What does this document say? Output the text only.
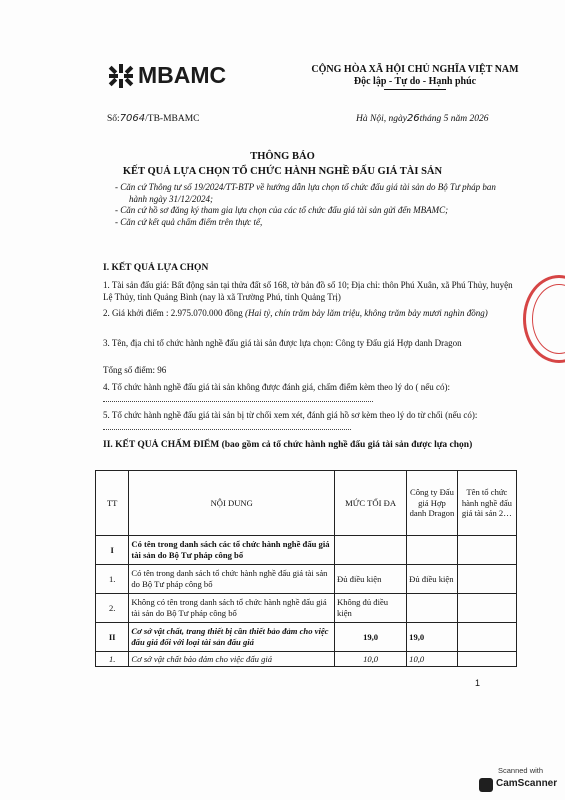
MBAMC	CỘNG HÒA XÃ HỘI CHỦ NGHĨA VIỆT NAM
Độc lập - Tự do - Hạnh phúc
Số:7064/TB-MBAMC	Hà Nội, ngày26tháng 5 năm 2026
THÔNG BÁO
KẾT QUẢ LỰA CHỌN TỔ CHỨC HÀNH NGHỀ ĐẤU GIÁ TÀI SẢN
- Căn cứ Thông tư số 19/2024/TT-BTP về hướng dẫn lựa chọn tổ chức đấu giá tài sản do Bộ Tư pháp ban hành ngày 31/12/2024;
- Căn cứ hồ sơ đăng ký tham gia lựa chọn của các tổ chức đấu giá tài sản gửi đến MBAMC;
- Căn cứ kết quả chấm điểm trên thực tế,
I. KẾT QUẢ LỰA CHỌN
1. Tài sản đấu giá: Bất động sản tại thửa đất số 168, tờ bản đồ số 10; Địa chỉ: thôn Phú Xuân, xã Phú Thủy, huyện Lệ Thủy, tỉnh Quảng Bình (nay là xã Trường Phú, tỉnh Quảng Trị)
2. Giá khởi điểm : 2.975.070.000 đồng (Hai tỷ, chín trăm bảy lăm triệu, không trăm bảy mươi nghìn đồng)
3. Tên, địa chỉ tổ chức hành nghề đấu giá tài sản được lựa chọn: Công ty Đấu giá Hợp danh Dragon
Tổng số điểm: 96
4. Tổ chức hành nghề đấu giá tài sản không được đánh giá, chấm điểm kèm theo lý do ( nếu có):
5. Tổ chức hành nghề đấu giá tài sản bị từ chối xem xét, đánh giá hồ sơ kèm theo lý do từ chối (nếu có):
II. KẾT QUẢ CHẤM ĐIỂM (bao gồm cả tổ chức hành nghề đấu giá tài sản được lựa chọn)
TT	NỘI DUNG	MỨC TỐI ĐA	Công ty Đấu giá Hợp danh Dragon	Tên tổ chức hành nghề đấu giá tài sản 2…
I	Có tên trong danh sách các tổ chức hành nghề đấu giá tài sản do Bộ Tư pháp công bố			
1.	Có tên trong danh sách tổ chức hành nghề đấu giá tài sản do Bộ Tư pháp công bố	Đủ điều kiện	Đủ điều kiện	
2.	Không có tên trong danh sách tổ chức hành nghề đấu giá tài sản do Bộ Tư pháp công bố	Không đủ điều kiện		
II	Cơ sở vật chất, trang thiết bị cần thiết bảo đảm cho việc đấu giá đối với loại tài sản đấu giá	19,0	19,0	
1.	Cơ sở vật chất bảo đảm cho việc đấu giá	10,0	10,0	
1
Scanned with
CamScanner
